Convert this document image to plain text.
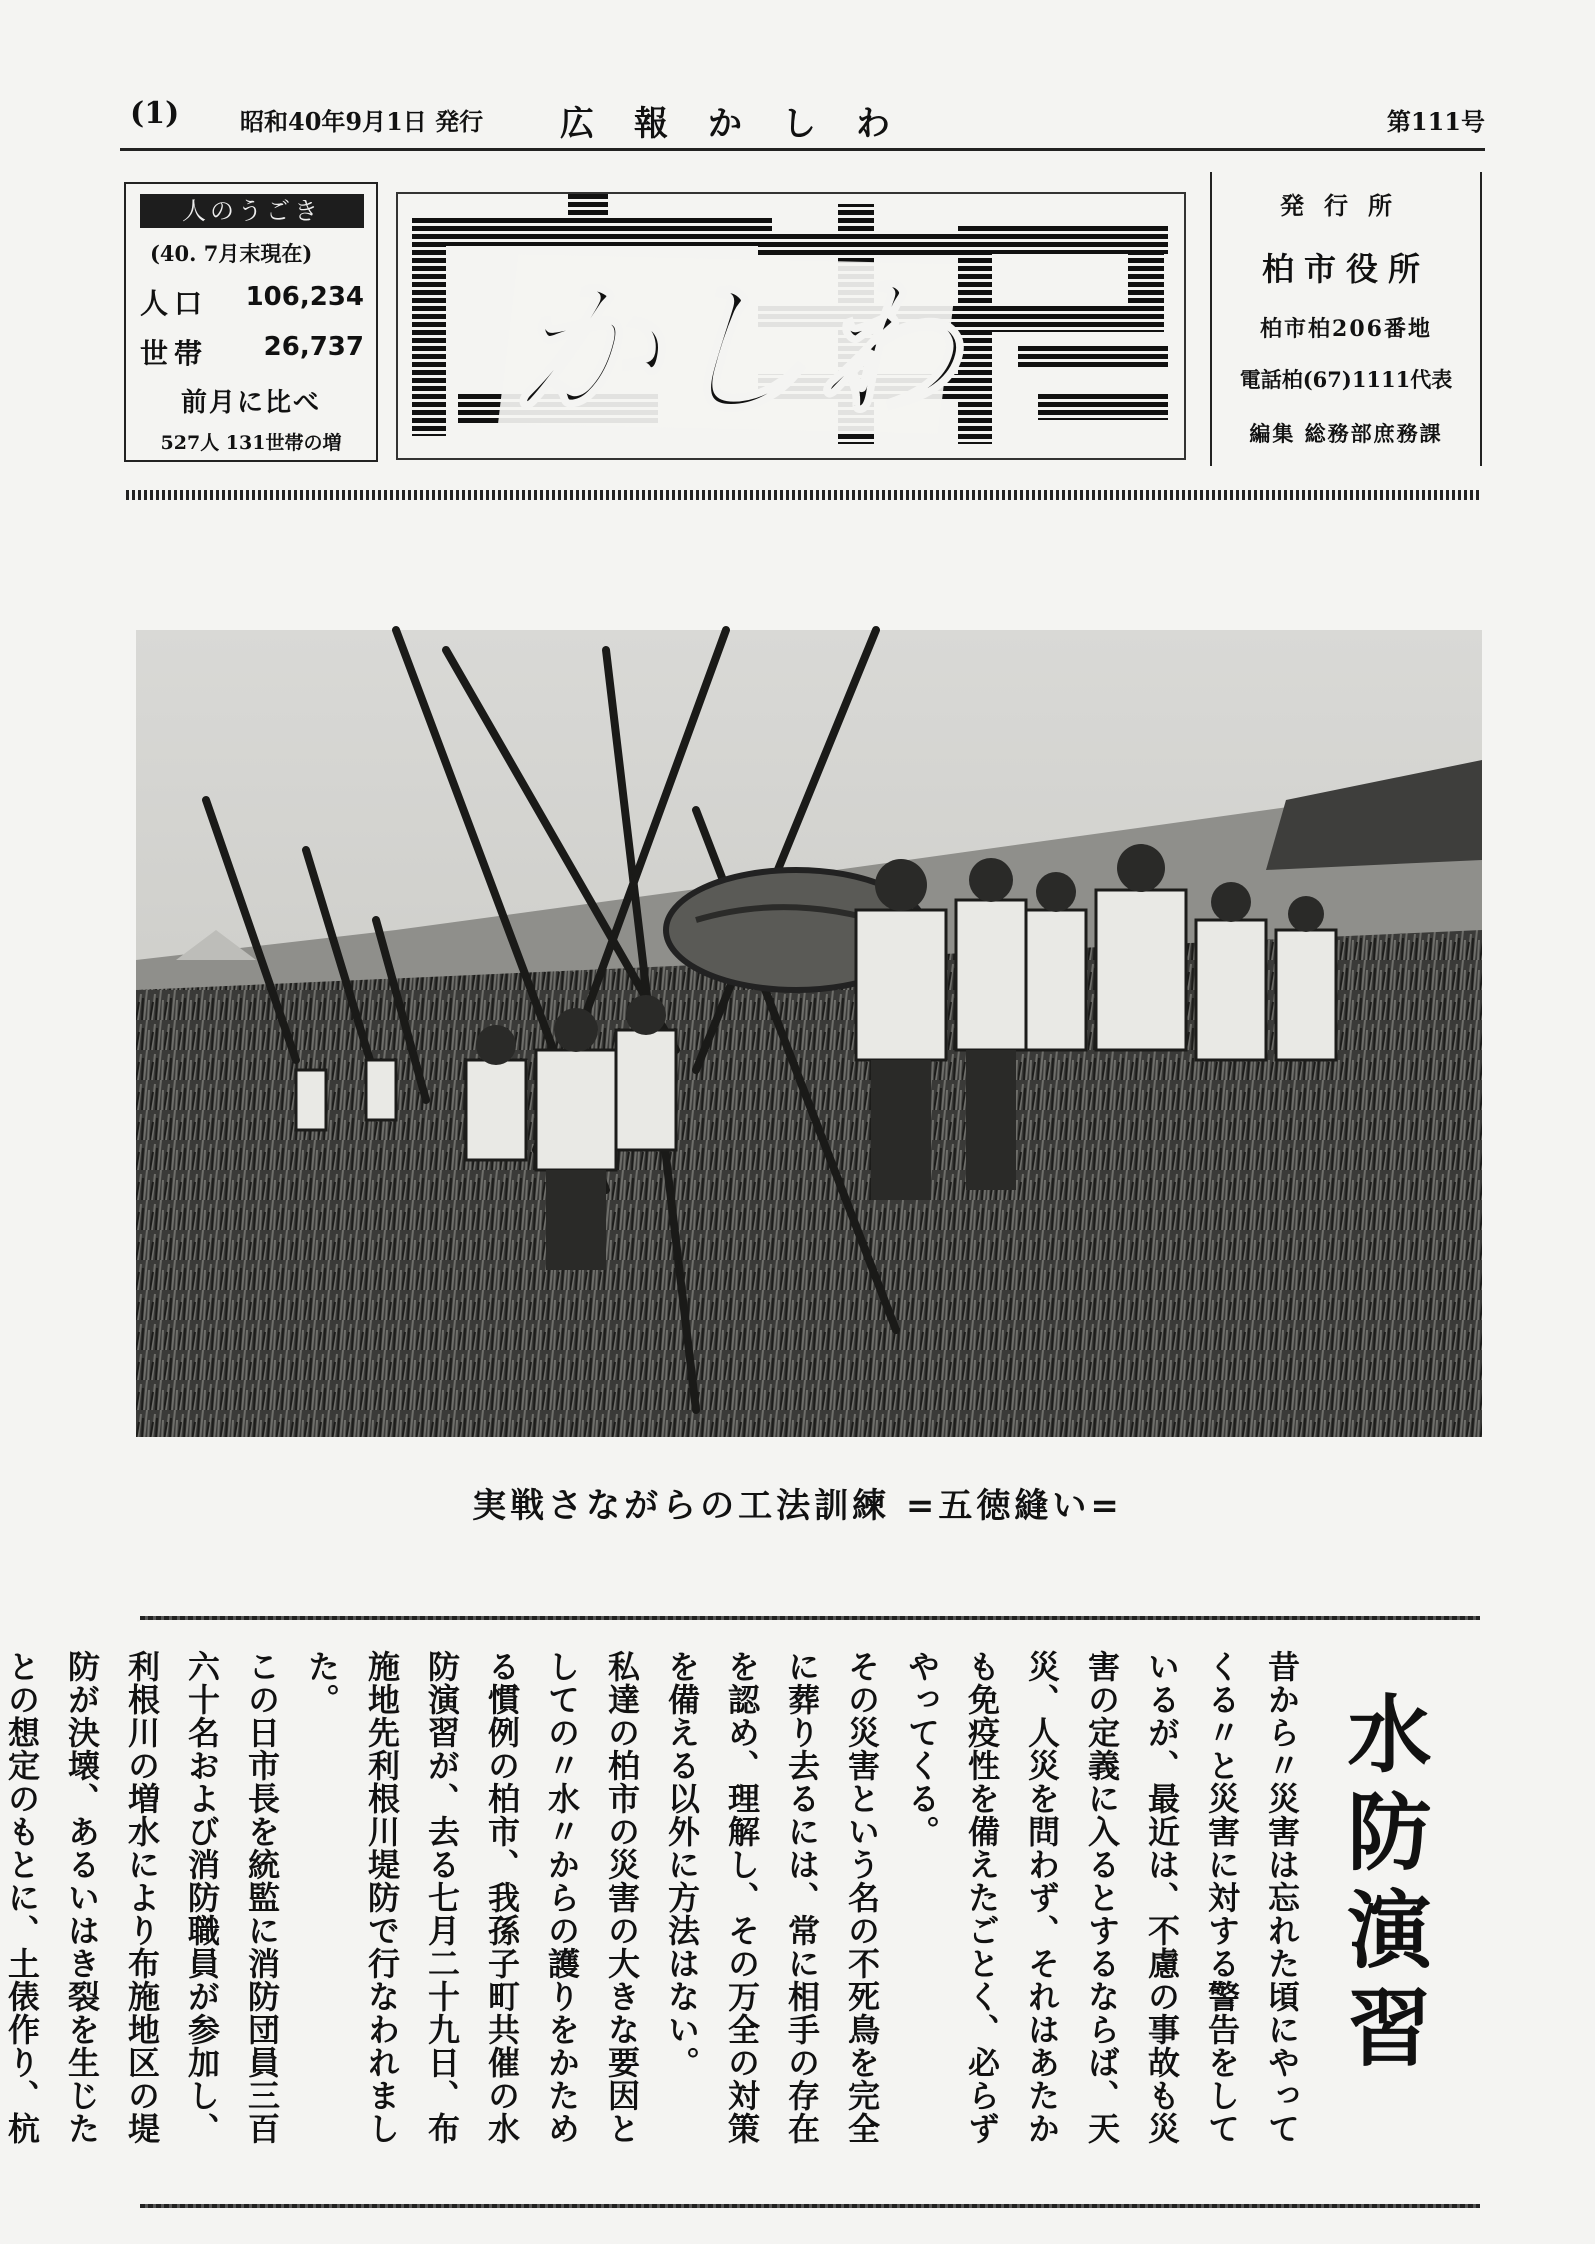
(1)	昭和40年9月1日 発行 広報かしわ	第111号
人のうごき
(40. 7月末現在)
人口 106,234
世帯 26,737
前月に比べ
527人 131世帯の増
かしわ
発行所
柏市役所
柏市柏206番地
電話柏(67)1111代表
編集 総務部庶務課
実戦さながらの工法訓練 =五徳縫い=
水防演習

昔から〃災害は忘れた頃にやってくる〃と災害に対する警告をしているが、最近は、不慮の事故も災害の定義に入るとするならば、天災、人災を問わず、それはあたかも免疫性を備えたごとく、必らずやってくる。

その災害という名の不死鳥を完全に葬り去るには、常に相手の存在を認め、理解し、その万全の対策を備える以外に方法はない。

私達の柏市の災害の大きな要因としての〃水〃からの護りをかためる慣例の柏市、我孫子町共催の水防演習が、去る七月二十九日、布施地先利根川堤防で行なわれました。

この日市長を統監に消防団員三百六十名および消防職員が参加し、利根川の増水により布施地区の堤防が決壊、あるいはき裂を生じたとの想定のもとに、土俵作り、杭
